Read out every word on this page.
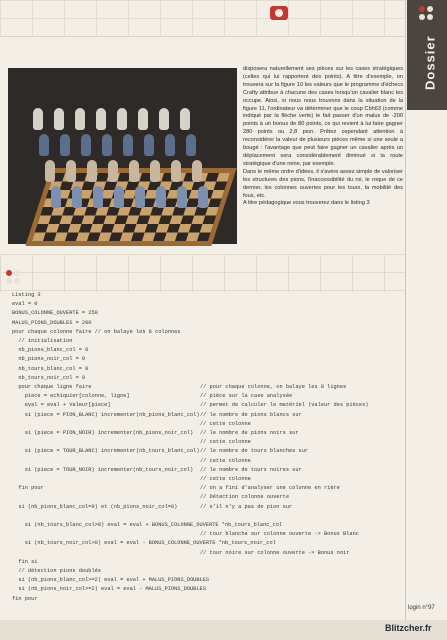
Dossier
L'algorithme alpha-beta se supporte pas de fontaisie.

disposera naturellement ses pièces sur les cases stratégiques (celles qui lui rapportent des points). A titre d'exemple, on trouvera sur la figure 10 les valeurs que le programme d'échecs Crafty attribue à chacune des cases lorsqu'un cavalier blanc les occupe. Ainsi, si nous nous trouvons dans la situation de la figure 11, l'ordinateur va déterminer que le coup Cbh63 (comme indiqué par la flèche verte) le fait passer d'un malus de -200 points à un bonus de 80 points, ce qui revient à lui faire gagner 280 points ou 2,8 pion. Prêtez cependant attention à reconsidérer la valeur de plusieurs pièces même si une seule a bougé : l'avantage que peut faire gagner un cavalier après un déplacement sera considérablement diminué si la route stratégique d'une reine, par exemple.

Dans le même ordre d'idées, il s'avère assez simple de valoriser les structures des pions, l'inaccessibilité du roi, le roque de ce dernier, les colonnes ouvertes pour les tours, la mobilité des fous, etc.

A titre pédagogique vous trouverez dans le listing 3

Listing 3
eval = 0
BONUS_COLONNE_OUVERTE = 250
MALUS_PIONS_DOUBLES = 200
pour chaque colonne faire // on balaye les 8 colonnes
// initialisation
nb_pions_blanc_col = 0
nb_pions_noir_col = 0
nb_tours_blanc_col = 0
nb_tours_noir_col = 0
pour chaque ligne faire	// pour chaque colonne, on balaye les 8 lignes
piece = echiquier[colonne, ligne]	// pièce sur la case analysée
eval = eval + Valeur[piece]	// permet de calculer le matériel (valeur des pièces)
si (piece = PION_BLANC) incrementer(nb_pions_blanc_col) // le nombre de pions blancs sur
// cette colonne
si (piece = PION_NOIR) incrementer(nb_pions_noir_col) // le nombre de pions noirs sur
// cette colonne
si (piece = TOUR_BLANC) incrementer(nb_tours_blanc_col) // le nombre de tours blanches sur
// cette colonne
si (piece = TOUR_NOIR) incrementer(nb_tours_noir_col) // le nombre de tours noires sur
// cette colonne
fin pour	// on a fini d'analyser une colonne en rière
// Détection colonne ouverte
si (nb_pions_blanc_col=0) et (nb_pions_noir_col=0)	// s'il n'y a pas de pion sur
si (nb_tours_blanc_col>0) eval = eval + BONUS_COLONNE_OUVERTE *nb_tours_blanc_col
// tour blanche sur colonne ouverte -> Bonus Blanc
si (nb_tours_noir_col>0) eval = eval - BONUS_COLONNE_OUVERTE *nb_tours_noir_col
// tour noire sur colonne ouverte -> Bonus noir
fin si
// détection pions doublés
si (nb_pions_blanc_col>=2) eval = eval + MALUS_PIONS_DOUBLES
si (nb_pions_noir_col>=2) eval = eval - MALUS_PIONS_DOUBLES
fin pour
login n°97
Blitzcher.fr
